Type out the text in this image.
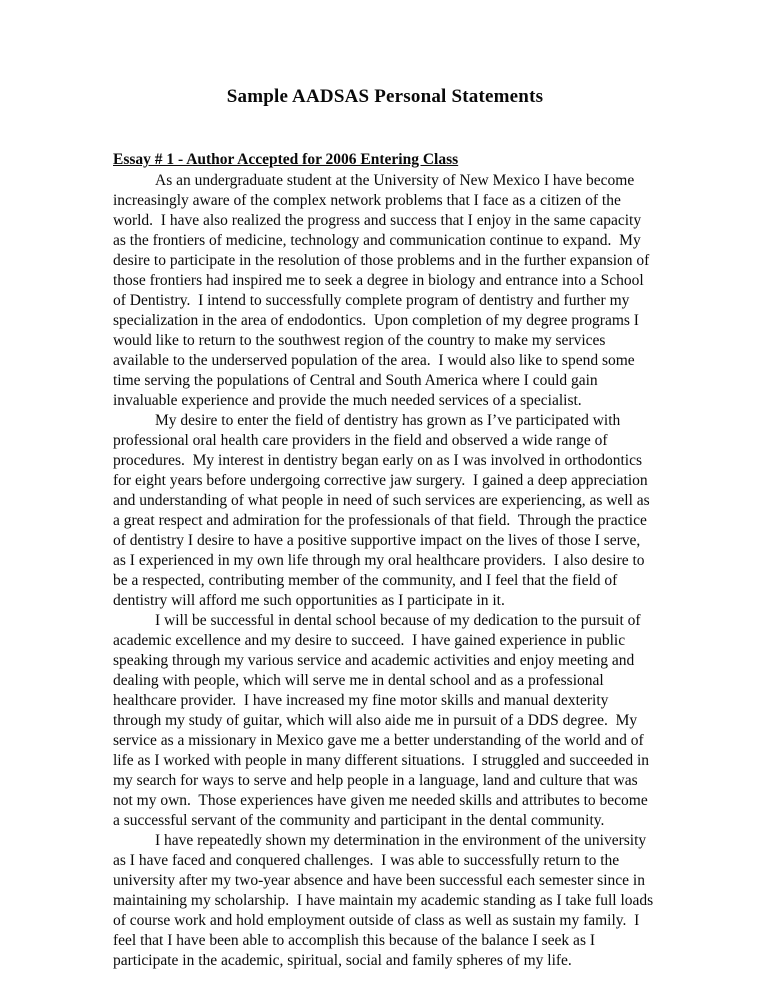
Sample AADSAS Personal Statements
Essay # 1 - Author Accepted for 2006 Entering Class

As an undergraduate student at the University of New Mexico I have become increasingly aware of the complex network problems that I face as a citizen of the world.  I have also realized the progress and success that I enjoy in the same capacity as the frontiers of medicine, technology and communication continue to expand.  My desire to participate in the resolution of those problems and in the further expansion of those frontiers had inspired me to seek a degree in biology and entrance into a School of Dentistry.  I intend to successfully complete program of dentistry and further my specialization in the area of endodontics.  Upon completion of my degree programs I would like to return to the southwest region of the country to make my services available to the underserved population of the area.  I would also like to spend some time serving the populations of Central and South America where I could gain invaluable experience and provide the much needed services of a specialist.

My desire to enter the field of dentistry has grown as I’ve participated with professional oral health care providers in the field and observed a wide range of procedures.  My interest in dentistry began early on as I was involved in orthodontics for eight years before undergoing corrective jaw surgery.  I gained a deep appreciation and understanding of what people in need of such services are experiencing, as well as a great respect and admiration for the professionals of that field.  Through the practice of dentistry I desire to have a positive supportive impact on the lives of those I serve, as I experienced in my own life through my oral healthcare providers.  I also desire to be a respected, contributing member of the community, and I feel that the field of dentistry will afford me such opportunities as I participate in it.

I will be successful in dental school because of my dedication to the pursuit of academic excellence and my desire to succeed.  I have gained experience in public speaking through my various service and academic activities and enjoy meeting and dealing with people, which will serve me in dental school and as a professional healthcare provider.  I have increased my fine motor skills and manual dexterity through my study of guitar, which will also aide me in pursuit of a DDS degree.  My service as a missionary in Mexico gave me a better understanding of the world and of life as I worked with people in many different situations.  I struggled and succeeded in my search for ways to serve and help people in a language, land and culture that was not my own.  Those experiences have given me needed skills and attributes to become a successful servant of the community and participant in the dental community.

I have repeatedly shown my determination in the environment of the university as I have faced and conquered challenges.  I was able to successfully return to the university after my two-year absence and have been successful each semester since in maintaining my scholarship.  I have maintain my academic standing as I take full loads of course work and hold employment outside of class as well as sustain my family.  I feel that I have been able to accomplish this because of the balance I seek as I participate in the academic, spiritual, social and family spheres of my life.
